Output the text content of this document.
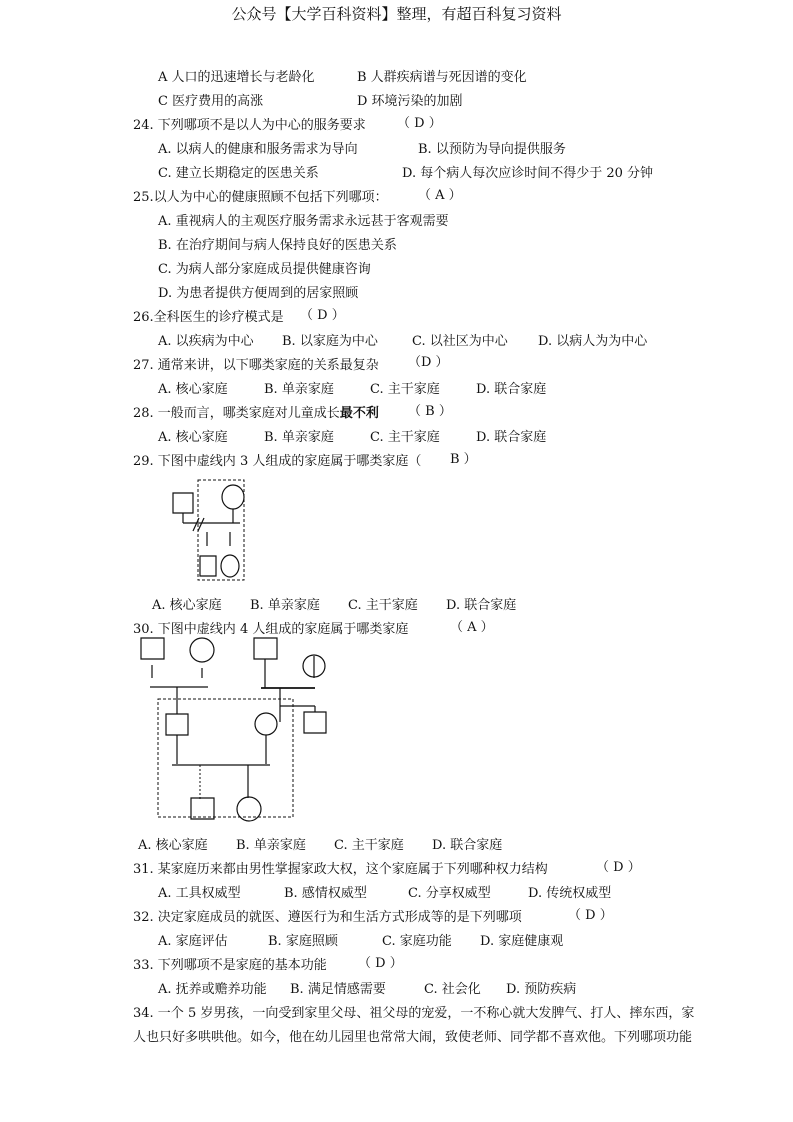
公众号【大学百科资料】整理，有超百科复习资料
A 人口的迅速增长与老龄化	B 人群疾病谱与死因谱的变化
C 医疗费用的高涨	D 环境污染的加剧
24. 下列哪项不是以人为中心的服务要求 （ D ）
A. 以病人的健康和服务需求为导向	B. 以预防为导向提供服务
C. 建立长期稳定的医患关系	D. 每个病人每次应诊时间不得少于 20 分钟
25.以人为中心的健康照顾不包括下列哪项： （ A ）
A. 重视病人的主观医疗服务需求永远甚于客观需要
B. 在治疗期间与病人保持良好的医患关系
C. 为病人部分家庭成员提供健康咨询
D. 为患者提供方便周到的居家照顾
26.全科医生的诊疗模式是 （ D ）
A. 以疾病为中心 B. 以家庭为中心	C. 以社区为中心 D. 以病人为为中心
27. 通常来讲，以下哪类家庭的关系最复杂 （D ）
A. 核心家庭	B. 单亲家庭	C. 主干家庭	D. 联合家庭
28. 一般而言，哪类家庭对儿童成长最不利 （ B ）
A. 核心家庭	B. 单亲家庭	C. 主干家庭	D. 联合家庭
29. 下图中虚线内 3 人组成的家庭属于哪类家庭（ B ）
A. 核心家庭 B. 单亲家庭 C. 主干家庭 D. 联合家庭
30. 下图中虚线内 4 人组成的家庭属于哪类家庭	（ A ）
A. 核心家庭 B. 单亲家庭 C. 主干家庭 D. 联合家庭
31. 某家庭历来都由男性掌握家政大权，这个家庭属于下列哪种权力结构	（ D ）
A. 工具权威型	B. 感情权威型	C. 分享权威型	D. 传统权威型
32. 决定家庭成员的就医、遵医行为和生活方式形成等的是下列哪项	（ D ）
A. 家庭评估	B. 家庭照顾	C. 家庭功能 D. 家庭健康观
33. 下列哪项不是家庭的基本功能 （ D ）
A. 抚养或赡养功能 B. 满足情感需要	C. 社会化 D. 预防疾病
34. 一个 5 岁男孩，一向受到家里父母、祖父母的宠爱，一不称心就大发脾气、打人、摔东西，家
人也只好多哄哄他。如今，他在幼儿园里也常常大闹，致使老师、同学都不喜欢他。下列哪项功能
